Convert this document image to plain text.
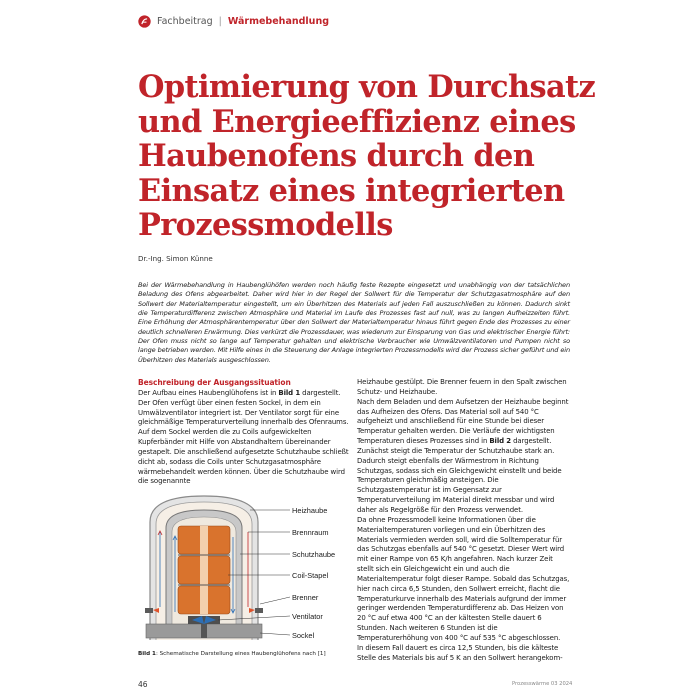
Fachbeitrag | Wärmebehandlung
Optimierung von Durchsatz
und Energieeffizienz eines
Haubenofens durch den
Einsatz eines integrierten
Prozessmodells
Dr.-Ing. Simon Künne

Bei der Wärmebehandlung in Haubenglühöfen werden noch häufig feste Rezepte eingesetzt und unabhängig von der tatsächlichen Beladung des Ofens abgearbeitet. Daher wird hier in der Regel der Sollwert für die Temperatur der Schutzgasatmosphäre auf den Sollwert der Materialtemperatur eingestellt, um ein Überhitzen des Materials auf jeden Fall auszuschließen zu können. Dadurch sinkt die Temperaturdifferenz zwischen Atmosphäre und Material im Laufe des Prozesses fast auf null, was zu langen Aufheizzeiten führt. Eine Erhöhung der Atmosphärentemperatur über den Sollwert der Materialtemperatur hinaus führt gegen Ende des Prozesses zu einer deutlich schnelleren Erwärmung. Dies verkürzt die Prozessdauer, was wiederum zur Einsparung von Gas und elektrischer Energie führt: Der Ofen muss nicht so lange auf Temperatur gehalten und elektrische Verbraucher wie Umwälzventilatoren und Pumpen nicht so lange betrieben werden. Mit Hilfe eines in die Steuerung der Anlage integrierten Prozessmodells wird der Prozess sicher geführt und ein Überhitzen des Materials ausgeschlossen.

Beschreibung der Ausgangssituation

Der Aufbau eines Haubenglühofens ist in Bild 1 dargestellt. Der Ofen verfügt über einen festen Sockel, in dem ein Umwälzventilator integriert ist. Der Ventilator sorgt für eine gleichmäßige Temperaturverteilung innerhalb des Ofenraums. Auf dem Sockel werden die zu Coils aufgewickelten Kupferbänder mit Hilfe von Abstandhaltern übereinander gestapelt. Die anschließend aufgesetzte Schutzhaube schließt dicht ab, sodass die Coils unter Schutzgasatmosphäre wärmebehandelt werden können. Über die Schutzhaube wird die sogenannte

Heizhaube
Brennraum
Schutzhaube
Coil-Stapel
Brenner
Ventilator
Sockel
Bild 1: Schematische Darstellung eines Haubenglühofens nach [1]

Heizhaube gestülpt. Die Brenner feuern in den Spalt zwischen Schutz- und Heizhaube.

Nach dem Beladen und dem Aufsetzen der Heizhaube beginnt das Aufheizen des Ofens. Das Material soll auf 540 °C aufgeheizt und anschließend für eine Stunde bei dieser Temperatur gehalten werden. Die Verläufe der wichtigsten Temperaturen dieses Prozesses sind in Bild 2 dargestellt. Zunächst steigt die Temperatur der Schutzhaube stark an. Dadurch steigt ebenfalls der Wärmestrom in Richtung Schutzgas, sodass sich ein Gleichgewicht einstellt und beide Temperaturen gleichmäßig ansteigen. Die Schutzgastemperatur ist im Gegensatz zur Temperaturverteilung im Material direkt messbar und wird daher als Regelgröße für den Prozess verwendet.

Da ohne Prozessmodell keine Informationen über die Materialtemperaturen vorliegen und ein Überhitzen des Materials vermieden werden soll, wird die Solltemperatur für das Schutzgas ebenfalls auf 540 °C gesetzt. Dieser Wert wird mit einer Rampe von 65 K/h angefahren. Nach kurzer Zeit stellt sich ein Gleichgewicht ein und auch die Materialtemperatur folgt dieser Rampe. Sobald das Schutzgas, hier nach circa 6,5 Stunden, den Sollwert erreicht, flacht die Temperaturkurve innerhalb des Materials aufgrund der immer geringer werdenden Temperaturdifferenz ab. Das Heizen von 20 °C auf etwa 400 °C an der kältesten Stelle dauert 6 Stunden. Nach weiteren 6 Stunden ist die Temperaturerhöhung von 400 °C auf 535 °C abgeschlossen.

In diesem Fall dauert es circa 12,5 Stunden, bis die kälteste Stelle des Materials bis auf 5 K an den Sollwert herangekom-

46	Prozesswärme 03 2024
